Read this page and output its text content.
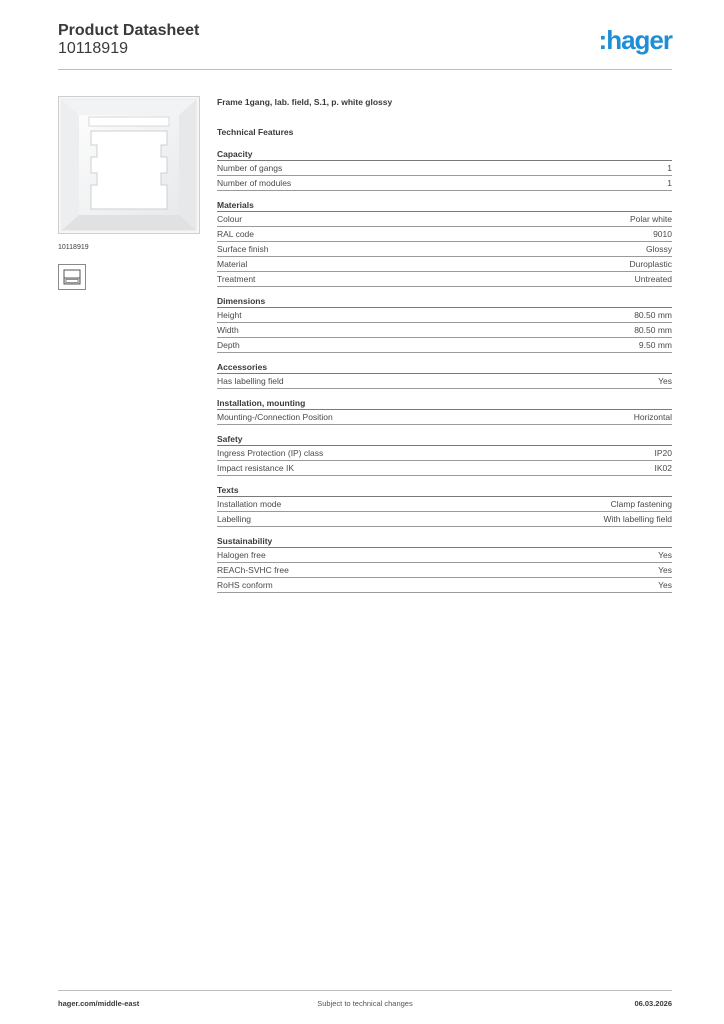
Product Datasheet
10118919	:hager
10118919
Frame 1gang, lab. field, S.1, p. white glossy
Technical Features
Capacity
Number of gangs	1
Number of modules	1
Materials
Colour	Polar white
RAL code	9010
Surface finish	Glossy
Material	Duroplastic
Treatment	Untreated
Dimensions
Height	80.50 mm
Width	80.50 mm
Depth	9.50 mm
Accessories
Has labelling field	Yes
Installation, mounting
Mounting-/Connection Position	Horizontal
Safety
Ingress Protection (IP) class	IP20
Impact resistance IK	IK02
Texts
Installation mode	Clamp fastening
Labelling	With labelling field
Sustainability
Halogen free	Yes
REACh-SVHC free	Yes
RoHS conform	Yes
hager.com/middle-east	Subject to technical changes	06.03.2026
